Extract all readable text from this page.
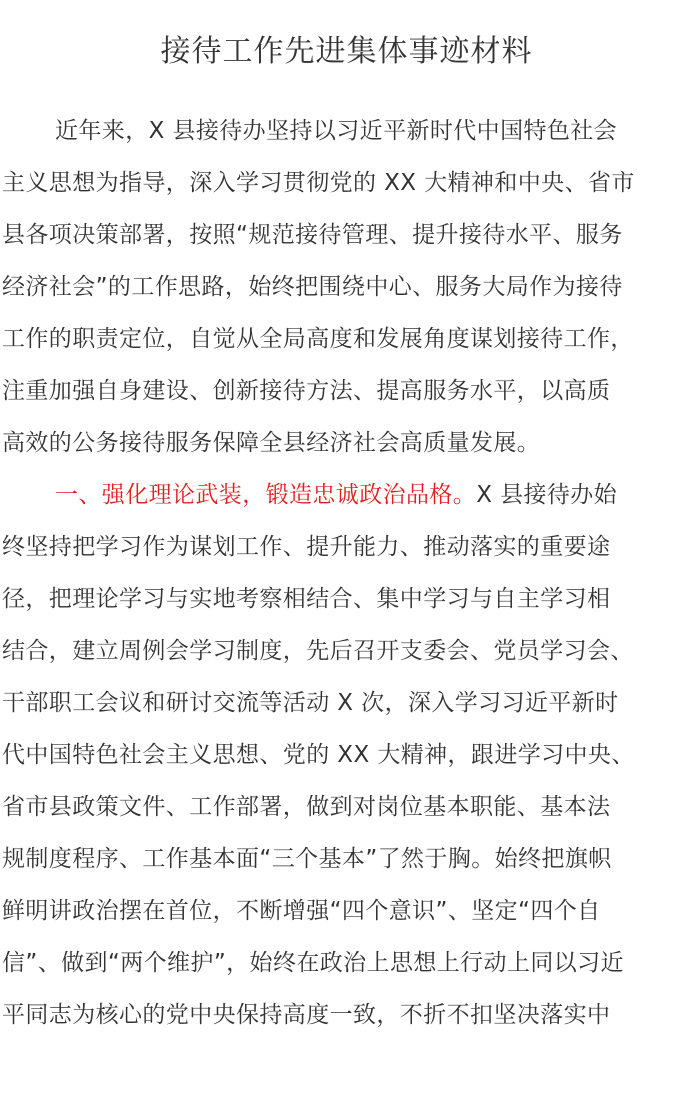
接待工作先进集体事迹材料
近年来，X 县接待办坚持以习近平新时代中国特色社会
主义思想为指导，深入学习贯彻党的 XX 大精神和中央、省市
县各项决策部署，按照“规范接待管理、提升接待水平、服务
经济社会”的工作思路，始终把围绕中心、服务大局作为接待
工作的职责定位，自觉从全局高度和发展角度谋划接待工作，
注重加强自身建设、创新接待方法、提高服务水平，以高质
高效的公务接待服务保障全县经济社会高质量发展。
一、强化理论武装，锻造忠诚政治品格。X 县接待办始
终坚持把学习作为谋划工作、提升能力、推动落实的重要途
径，把理论学习与实地考察相结合、集中学习与自主学习相
结合，建立周例会学习制度，先后召开支委会、党员学习会、
干部职工会议和研讨交流等活动 X 次，深入学习习近平新时
代中国特色社会主义思想、党的 XX 大精神，跟进学习中央、
省市县政策文件、工作部署，做到对岗位基本职能、基本法
规制度程序、工作基本面“三个基本”了然于胸。始终把旗帜
鲜明讲政治摆在首位，不断增强“四个意识”、坚定“四个自
信”、做到“两个维护”，始终在政治上思想上行动上同以习近
平同志为核心的党中央保持高度一致，不折不扣坚决落实中
